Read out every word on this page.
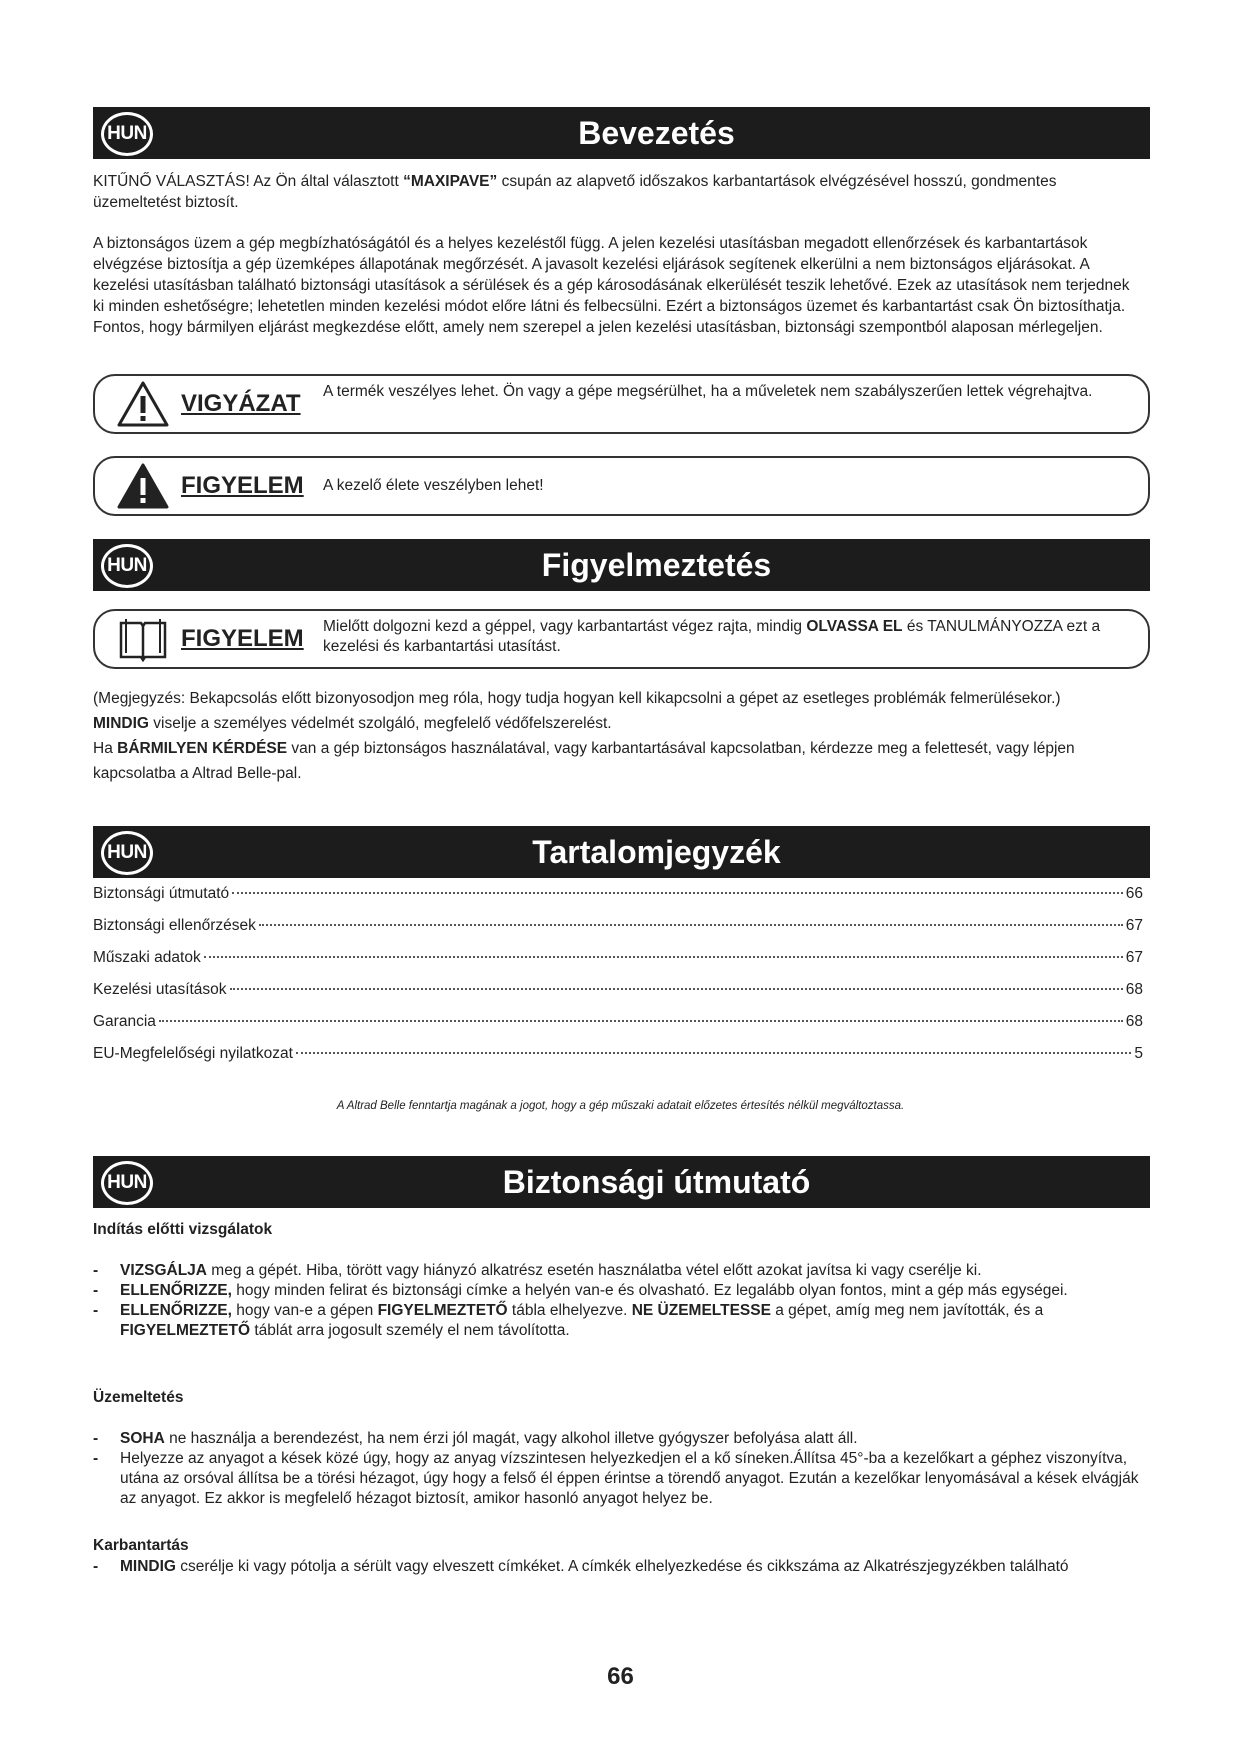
HUN	Bevezetés

KITŰNŐ VÁLASZTÁS! Az Ön által választott “MAXIPAVE” csupán az alapvető időszakos karbantartások elvégzésével hosszú, gondmentes üzemeltetést biztosít.

A biztonságos üzem a gép megbízhatóságától és a helyes kezeléstől függ. A jelen kezelési utasításban megadott ellenőrzések és karbantartások elvégzése biztosítja a gép üzemképes állapotának megőrzését. A javasolt kezelési eljárások segítenek elkerülni a nem biztonságos eljárásokat. A kezelési utasításban található biztonsági utasítások a sérülések és a gép károsodásának elkerülését teszik lehetővé. Ezek az utasítások nem terjednek ki minden eshetőségre; lehetetlen minden kezelési módot előre látni és felbecsülni. Ezért a biztonságos üzemet és karbantartást csak Ön biztosíthatja. Fontos, hogy bármilyen eljárást megkezdése előtt, amely nem szerepel a jelen kezelési utasításban, biztonsági szempontból alaposan mérlegeljen.

VIGYÁZAT A termék veszélyes lehet. Ön vagy a gépe megsérülhet, ha a műveletek nem szabályszerűen lettek végrehajtva.
FIGYELEM A kezelő élete veszélyben lehet!
HUN	Figyelmeztetés
FIGYELEM Mielőtt dolgozni kezd a géppel, vagy karbantartást végez rajta, mindig OLVASSA EL és TANULMÁNYOZZA ezt a kezelési és karbantartási utasítást.

(Megjegyzés: Bekapcsolás előtt bizonyosodjon meg róla, hogy tudja hogyan kell kikapcsolni a gépet az esetleges problémák felmerülésekor.)

MINDIG viselje a személyes védelmét szolgáló, megfelelő védőfelszerelést.

Ha BÁRMILYEN KÉRDÉSE van a gép biztonságos használatával, vagy karbantartásával kapcsolatban, kérdezze meg a felettesét, vagy lépjen kapcsolatba a Altrad Belle-pal.

HUN	Tartalomjegyzék
Biztonsági útmutató	66
Biztonsági ellenőrzések	67
Műszaki adatok	67
Kezelési utasítások	68
Garancia	68
EU-Megfelelőségi nyilatkozat	5
A Altrad Belle fenntartja magának a jogot, hogy a gép műszaki adatait előzetes értesítés nélkül megváltoztassa.
HUN	Biztonsági útmutató
Indítás előtti vizsgálatok
- VIZSGÁLJA meg a gépét. Hiba, törött vagy hiányzó alkatrész esetén használatba vétel előtt azokat javítsa ki vagy cserélje ki.
- ELLENŐRIZZE, hogy minden felirat és biztonsági címke a helyén van-e és olvasható. Ez legalább olyan fontos, mint a gép más egységei.
- ELLENŐRIZZE, hogy van-e a gépen FIGYELMEZTETŐ tábla elhelyezve. NE ÜZEMELTESSE a gépet, amíg meg nem javították, és a FIGYELMEZTETŐ táblát arra jogosult személy el nem távolította.
Üzemeltetés
- SOHA ne használja a berendezést, ha nem érzi jól magát, vagy alkohol illetve gyógyszer befolyása alatt áll.
- Helyezze az anyagot a kések közé úgy, hogy az anyag vízszintesen helyezkedjen el a kő síneken.Állítsa 45°-ba a kezelőkart a géphez viszonyítva, utána az orsóval állítsa be a törési hézagot, úgy hogy a felső él éppen érintse a törendő anyagot. Ezután a kezelőkar lenyomásával a kések elvágják az anyagot. Ez akkor is megfelelő hézagot biztosít, amikor hasonló anyagot helyez be.
Karbantartás
- MINDIG cserélje ki vagy pótolja a sérült vagy elveszett címkéket. A címkék elhelyezkedése és cikkszáma az Alkatrészjegyzékben található
66
